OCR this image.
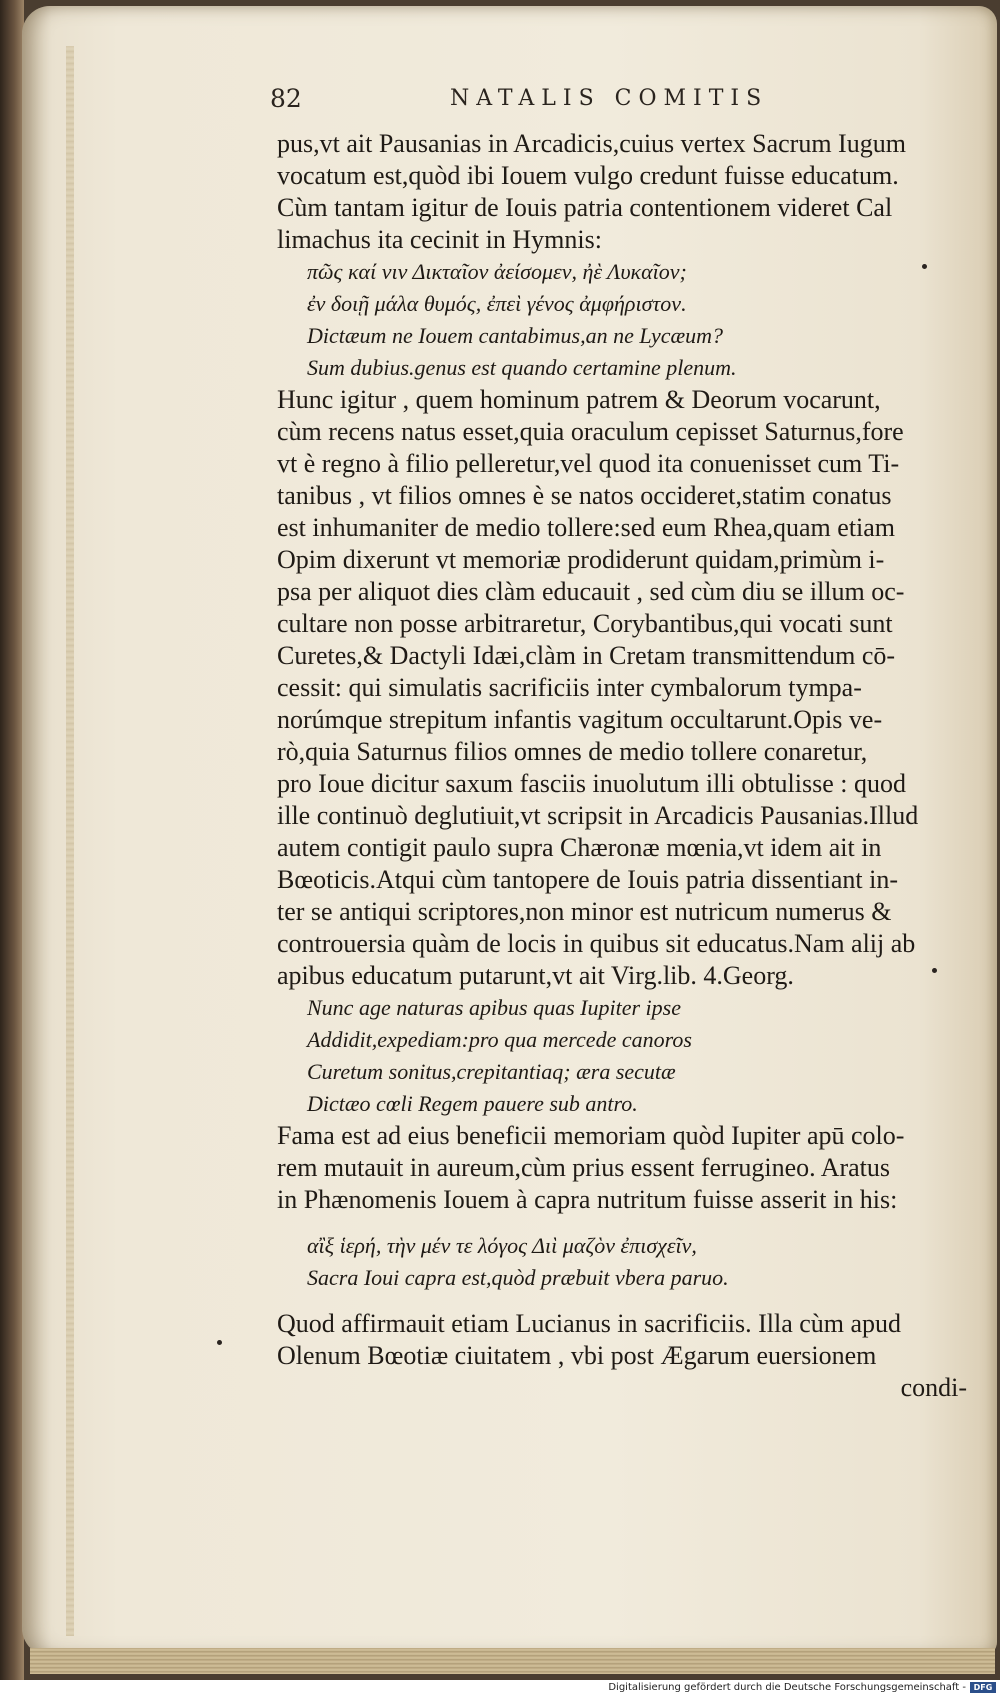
82	NATALIS COMITIS
pus,vt ait Pausanias in Arcadicis,cuius vertex Sacrum Iugum
vocatum est,quòd ibi Iouem vulgo credunt fuisse educatum.
Cùm tantam igitur de Iouis patria contentionem videret Cal
limachus ita cecinit in Hymnis:
πῶς καί νιν Δικταῖον ἀείσομεν, ἠὲ Λυκαῖον;
ἐν δοιῇ μάλα θυμός, ἐπεὶ γένος ἀμφήριστον.
Dictæum ne Iouem cantabimus,an ne Lycæum?
Sum dubius.genus est quando certamine plenum.
Hunc igitur , quem hominum patrem & Deorum vocarunt,
cùm recens natus esset,quia oraculum cepisset Saturnus,fore
vt è regno à filio pelleretur,vel quod ita conuenisset cum Ti-
tanibus , vt filios omnes è se natos occideret,statim conatus
est inhumaniter de medio tollere:sed eum Rhea,quam etiam
Opim dixerunt vt memoriæ prodiderunt quidam,primùm i-
psa per aliquot dies clàm educauit , sed cùm diu se illum oc-
cultare non posse arbitraretur, Corybantibus,qui vocati sunt
Curetes,& Dactyli Idæi,clàm in Cretam transmittendum cō-
cessit: qui simulatis sacrificiis inter cymbalorum tympa-
norúmque strepitum infantis vagitum occultarunt.Opis ve-
rò,quia Saturnus filios omnes de medio tollere conaretur,
pro Ioue dicitur saxum fasciis inuolutum illi obtulisse : quod
ille continuò deglutiuit,vt scripsit in Arcadicis Pausanias.Illud
autem contigit paulo supra Chæronæ mœnia,vt idem ait in
Bœoticis.Atqui cùm tantopere de Iouis patria dissentiant in-
ter se antiqui scriptores,non minor est nutricum numerus &
controuersia quàm de locis in quibus sit educatus.Nam alij ab
apibus educatum putarunt,vt ait Virg.lib. 4.Georg.
Nunc age naturas apibus quas Iupiter ipse
Addidit,expediam:pro qua mercede canoros
Curetum sonitus,crepitantiaq; æra secutæ
Dictæo cœli Regem pauere sub antro.
Fama est ad eius beneficii memoriam quòd Iupiter apū colo-
rem mutauit in aureum,cùm prius essent ferrugineo. Aratus
in Phænomenis Iouem à capra nutritum fuisse asserit in his:
αἲξ ἱερή, τὴν μέν τε λόγος Διὶ μαζὸν ἐπισχεῖν,
Sacra Ioui capra est,quòd præbuit vbera paruo.
Quod affirmauit etiam Lucianus in sacrificiis. Illa cùm apud
Olenum Bœotiæ ciuitatem , vbi post Ægarum euersionem
condi-
Digitalisierung gefördert durch die Deutsche Forschungsgemeinschaft - DFG
